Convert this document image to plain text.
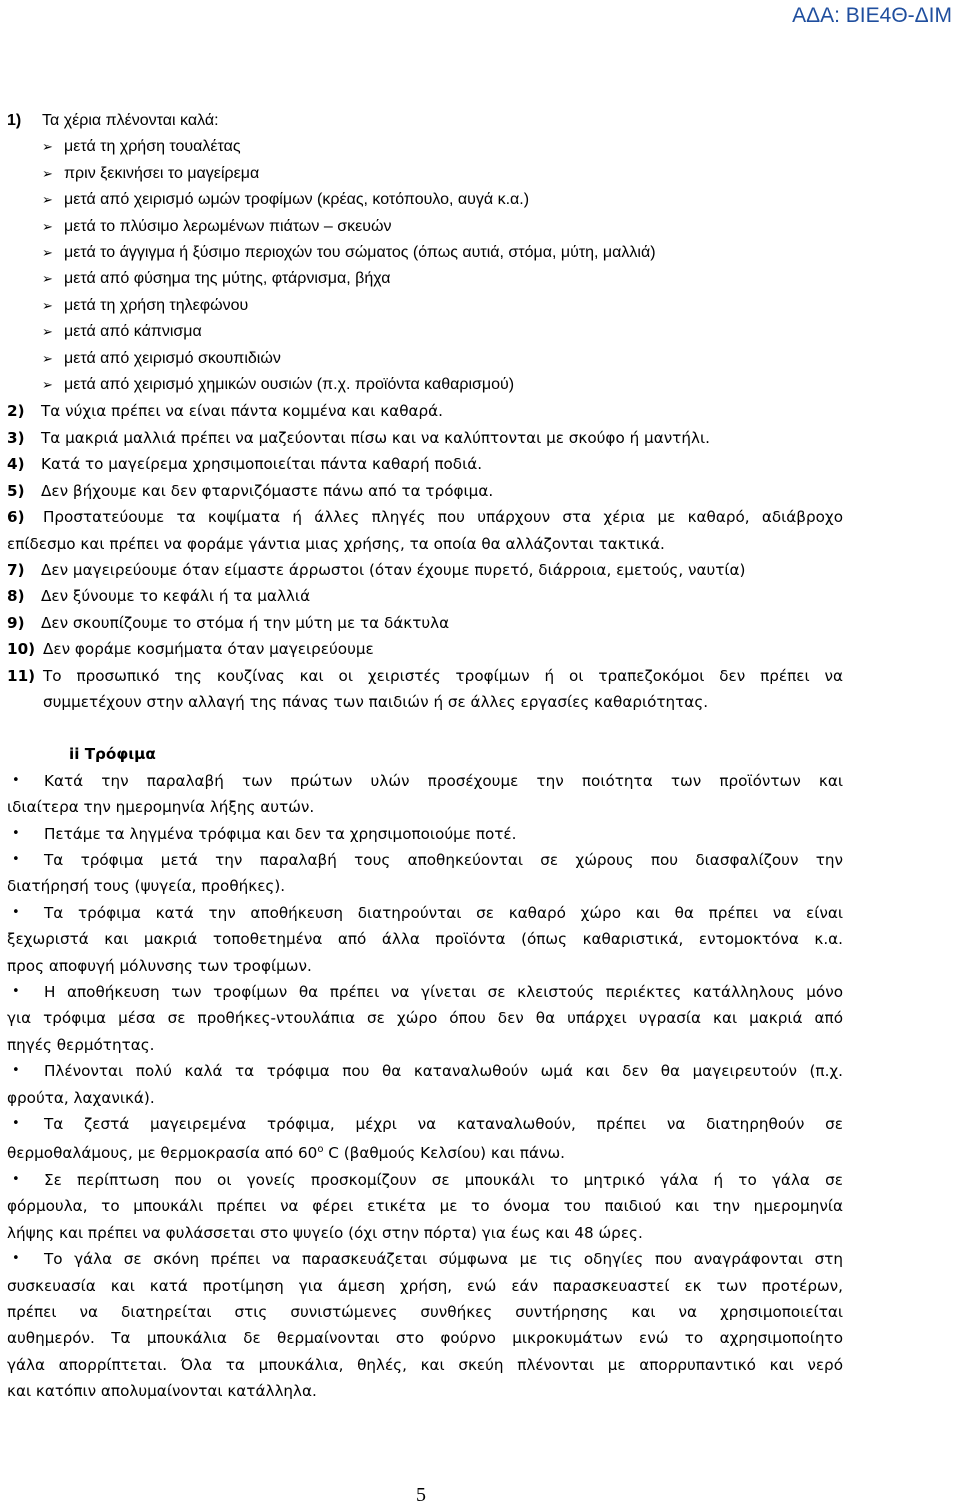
ΑΔΑ: ΒΙΕ4Θ-ΔΙΜ
1) Τα χέρια πλένονται καλά:
➢ μετά τη χρήση τουαλέτας
➢ πριν ξεκινήσει το μαγείρεμα
➢ μετά από χειρισμό ωμών τροφίμων (κρέας, κοτόπουλο, αυγά κ.α.)
➢ μετά το πλύσιμο λερωμένων πιάτων – σκευών
➢ μετά το άγγιγμα ή ξύσιμο περιοχών του σώματος (όπως αυτιά, στόμα, μύτη, μαλλιά)
➢ μετά από φύσημα της μύτης, φτάρνισμα, βήχα
➢ μετά τη χρήση τηλεφώνου
➢ μετά από κάπνισμα
➢ μετά από χειρισμό σκουπιδιών
➢ μετά από χειρισμό χημικών ουσιών (π.χ. προϊόντα καθαρισμού)
2) Τα νύχια πρέπει να είναι πάντα κομμένα και καθαρά.
3) Τα μακριά μαλλιά πρέπει να μαζεύονται πίσω και να καλύπτονται με σκούφο ή μαντήλι.
4) Κατά το μαγείρεμα χρησιμοποιείται πάντα καθαρή ποδιά.
5) Δεν βήχουμε και δεν φταρνιζόμαστε πάνω από τα τρόφιμα.
6) Προστατεύουμε τα κοψίματα ή άλλες πληγές που υπάρχουν στα χέρια με καθαρό, αδιάβροχο
επίδεσμο και πρέπει να φοράμε γάντια μιας χρήσης, τα οποία θα αλλάζονται τακτικά.
7) Δεν μαγειρεύουμε όταν είμαστε άρρωστοι (όταν έχουμε πυρετό, διάρροια, εμετούς, ναυτία)
8) Δεν ξύνουμε το κεφάλι ή τα μαλλιά
9) Δεν σκουπίζουμε το στόμα ή την μύτη με τα δάκτυλα
10) Δεν φοράμε κοσμήματα όταν μαγειρεύουμε
11) Το προσωπικό της κουζίνας και οι χειριστές τροφίμων ή οι τραπεζοκόμοι δεν πρέπει να
συμμετέχουν στην αλλαγή της πάνας των παιδιών ή σε άλλες εργασίες καθαριότητας.
ii Τρόφιμα
•	Κατά την παραλαβή των πρώτων υλών προσέχουμε την ποιότητα των προϊόντων και
ιδιαίτερα την ημερομηνία λήξης αυτών.
•	Πετάμε τα ληγμένα τρόφιμα και δεν τα χρησιμοποιούμε ποτέ.
•	Τα τρόφιμα μετά την παραλαβή τους αποθηκεύονται σε χώρους που διασφαλίζουν την
διατήρησή τους (ψυγεία, προθήκες).
•	Τα τρόφιμα κατά την αποθήκευση διατηρούνται σε καθαρό χώρο και θα πρέπει να είναι
ξεχωριστά και μακριά τοποθετημένα από άλλα προϊόντα (όπως καθαριστικά, εντομοκτόνα κ.α.
προς αποφυγή μόλυνσης των τροφίμων.
•	Η αποθήκευση των τροφίμων θα πρέπει να γίνεται σε κλειστούς περιέκτες κατάλληλους μόνο
για τρόφιμα μέσα σε προθήκες-ντουλάπια σε χώρο όπου δεν θα υπάρχει υγρασία και μακριά από
πηγές θερμότητας.
•	Πλένονται πολύ καλά τα τρόφιμα που θα καταναλωθούν ωμά και δεν θα μαγειρευτούν (π.χ.
φρούτα, λαχανικά).
•	Τα ζεστά μαγειρεμένα τρόφιμα, μέχρι να καταναλωθούν, πρέπει να διατηρηθούν σε
θερμοθαλάμους, με θερμοκρασία από 60$^o$ C (βαθμούς Κελσίου) και πάνω.
•	Σε περίπτωση που οι γονείς προσκομίζουν σε μπουκάλι το μητρικό γάλα ή το γάλα σε
φόρμουλα, το μπουκάλι πρέπει να φέρει ετικέτα με το όνομα του παιδιού και την ημερομηνία
λήψης και πρέπει να φυλάσσεται στο ψυγείο (όχι στην πόρτα) για έως και 48 ώρες.
•	Το γάλα σε σκόνη πρέπει να παρασκευάζεται σύμφωνα με τις οδηγίες που αναγράφονται στη
συσκευασία και κατά προτίμηση για άμεση χρήση, ενώ εάν παρασκευαστεί εκ των προτέρων,
πρέπει να διατηρείται στις συνιστώμενες συνθήκες συντήρησης και να χρησιμοποιείται
αυθημερόν. Τα μπουκάλια δε θερμαίνονται στο φούρνο μικροκυμάτων ενώ το αχρησιμοποίητο
γάλα απορρίπτεται. Όλα τα μπουκάλια, θηλές, και σκεύη πλένονται με απορρυπαντικό και νερό
και κατόπιν απολυμαίνονται κατάλληλα.
5
